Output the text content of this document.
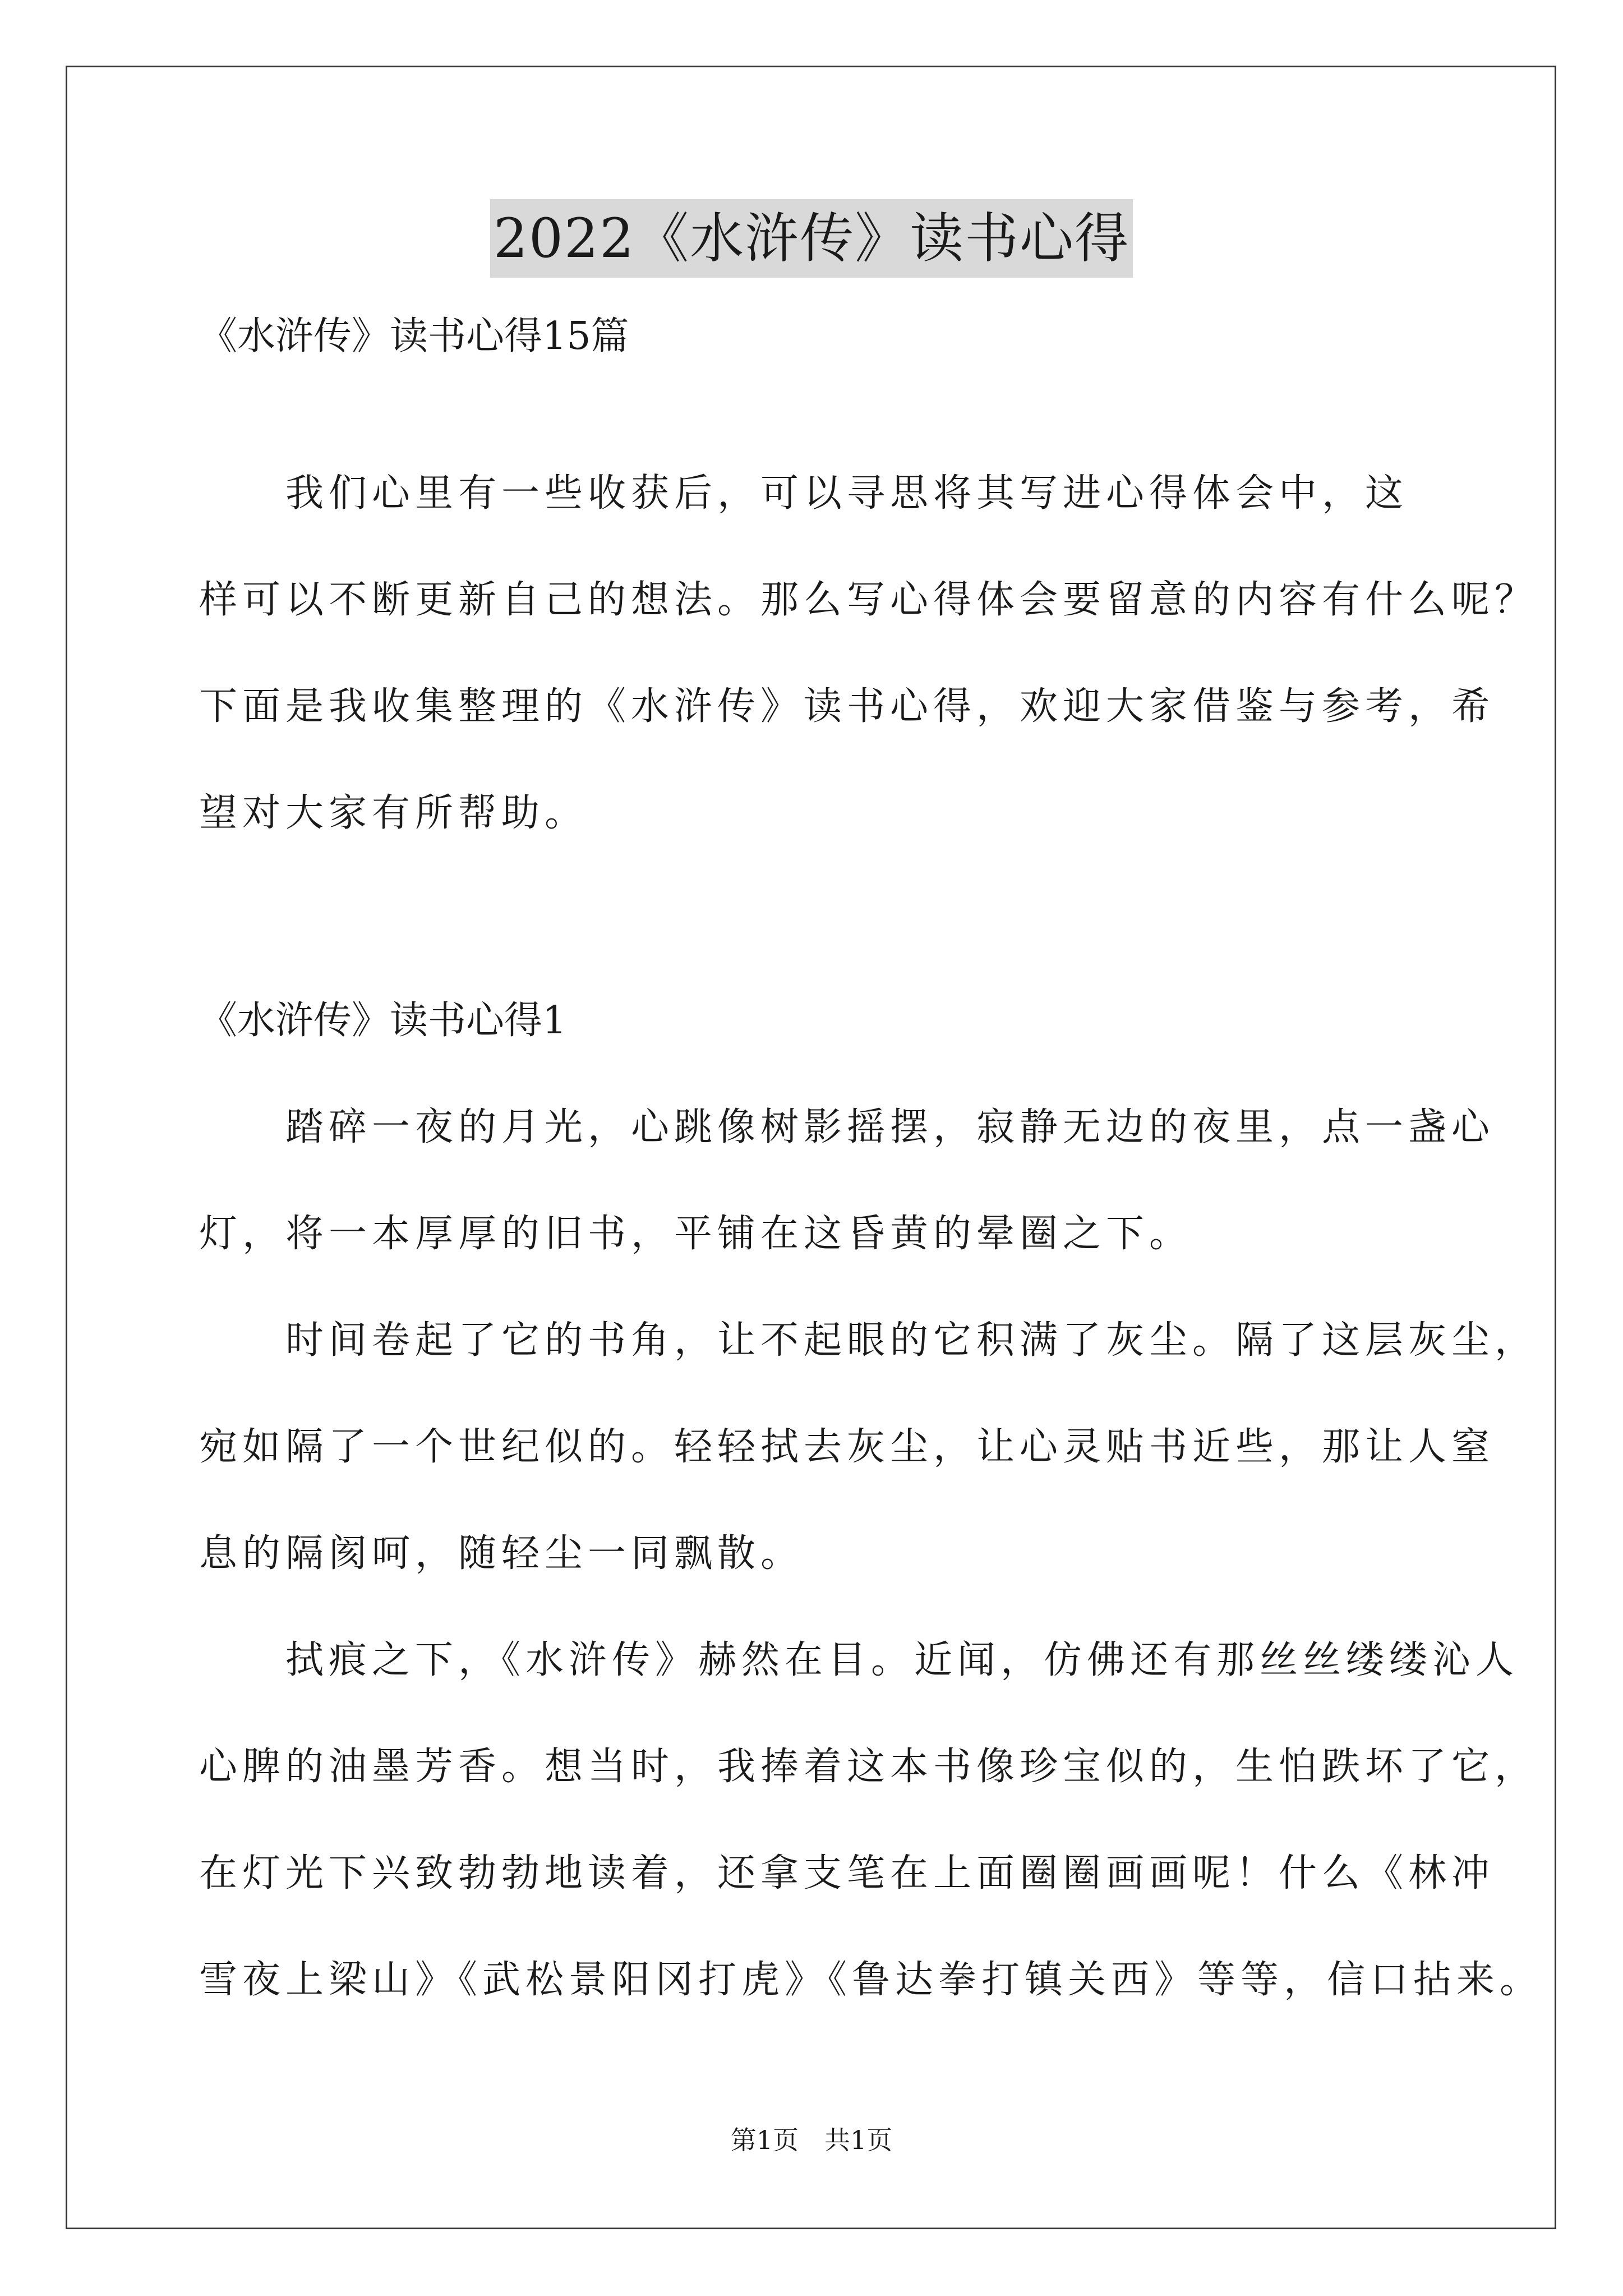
2022《水浒传》读书心得
《水浒传》读书心得15篇
　　我们心里有一些收获后，可以寻思将其写进心得体会中，这
样可以不断更新自己的想法。那么写心得体会要留意的内容有什么呢？
下面是我收集整理的《水浒传》读书心得，欢迎大家借鉴与参考，希
望对大家有所帮助。
《水浒传》读书心得1
　　踏碎一夜的月光，心跳像树影摇摆，寂静无边的夜里，点一盏心
灯，将一本厚厚的旧书，平铺在这昏黄的晕圈之下。
　　时间卷起了它的书角，让不起眼的它积满了灰尘。隔了这层灰尘，
宛如隔了一个世纪似的。轻轻拭去灰尘，让心灵贴书近些，那让人窒
息的隔阂呵，随轻尘一同飘散。
　　拭痕之下，《水浒传》赫然在目。近闻，仿佛还有那丝丝缕缕沁人
心脾的油墨芳香。想当时，我捧着这本书像珍宝似的，生怕跌坏了它，
在灯光下兴致勃勃地读着，还拿支笔在上面圈圈画画呢！什么《林冲
雪夜上梁山》《武松景阳冈打虎》《鲁达拳打镇关西》等等，信口拈来。
第1页　共1页
